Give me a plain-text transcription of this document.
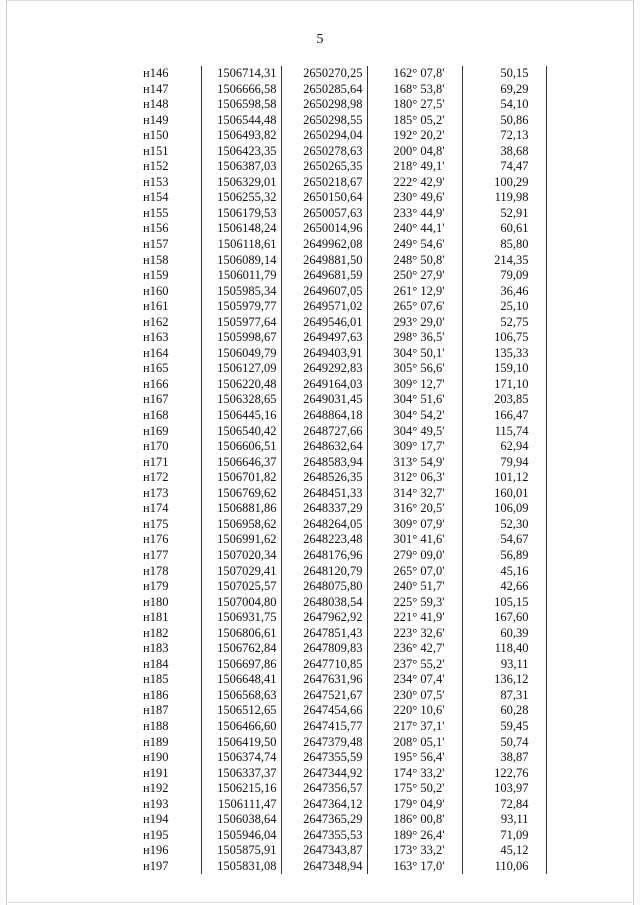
5
н146	1506714,31	2650270,25	162° 07,8'	50,15
н147	1506666,58	2650285,64	168° 53,8'	69,29
н148	1506598,58	2650298,98	180° 27,5'	54,10
н149	1506544,48	2650298,55	185° 05,2'	50,86
н150	1506493,82	2650294,04	192° 20,2'	72,13
н151	1506423,35	2650278,63	200° 04,8'	38,68
н152	1506387,03	2650265,35	218° 49,1'	74,47
н153	1506329,01	2650218,67	222° 42,9'	100,29
н154	1506255,32	2650150,64	230° 49,6'	119,98
н155	1506179,53	2650057,63	233° 44,9'	52,91
н156	1506148,24	2650014,96	240° 44,1'	60,61
н157	1506118,61	2649962,08	249° 54,6'	85,80
н158	1506089,14	2649881,50	248° 50,8'	214,35
н159	1506011,79	2649681,59	250° 27,9'	79,09
н160	1505985,34	2649607,05	261° 12,9'	36,46
н161	1505979,77	2649571,02	265° 07,6'	25,10
н162	1505977,64	2649546,01	293° 29,0'	52,75
н163	1505998,67	2649497,63	298° 36,5'	106,75
н164	1506049,79	2649403,91	304° 50,1'	135,33
н165	1506127,09	2649292,83	305° 56,6'	159,10
н166	1506220,48	2649164,03	309° 12,7'	171,10
н167	1506328,65	2649031,45	304° 51,6'	203,85
н168	1506445,16	2648864,18	304° 54,2'	166,47
н169	1506540,42	2648727,66	304° 49,5'	115,74
н170	1506606,51	2648632,64	309° 17,7'	62,94
н171	1506646,37	2648583,94	313° 54,9'	79,94
н172	1506701,82	2648526,35	312° 06,3'	101,12
н173	1506769,62	2648451,33	314° 32,7'	160,01
н174	1506881,86	2648337,29	316° 20,5'	106,09
н175	1506958,62	2648264,05	309° 07,9'	52,30
н176	1506991,62	2648223,48	301° 41,6'	54,67
н177	1507020,34	2648176,96	279° 09,0'	56,89
н178	1507029,41	2648120,79	265° 07,0'	45,16
н179	1507025,57	2648075,80	240° 51,7'	42,66
н180	1507004,80	2648038,54	225° 59,3'	105,15
н181	1506931,75	2647962,92	221° 41,9'	167,60
н182	1506806,61	2647851,43	223° 32,6'	60,39
н183	1506762,84	2647809,83	236° 42,7'	118,40
н184	1506697,86	2647710,85	237° 55,2'	93,11
н185	1506648,41	2647631,96	234° 07,4'	136,12
н186	1506568,63	2647521,67	230° 07,5'	87,31
н187	1506512,65	2647454,66	220° 10,6'	60,28
н188	1506466,60	2647415,77	217° 37,1'	59,45
н189	1506419,50	2647379,48	208° 05,1'	50,74
н190	1506374,74	2647355,59	195° 56,4'	38,87
н191	1506337,37	2647344,92	174° 33,2'	122,76
н192	1506215,16	2647356,57	175° 50,2'	103,97
н193	1506111,47	2647364,12	179° 04,9'	72,84
н194	1506038,64	2647365,29	186° 00,8'	93,11
н195	1505946,04	2647355,53	189° 26,4'	71,09
н196	1505875,91	2647343,87	173° 33,2'	45,12
н197	1505831,08	2647348,94	163° 17,0'	110,06
